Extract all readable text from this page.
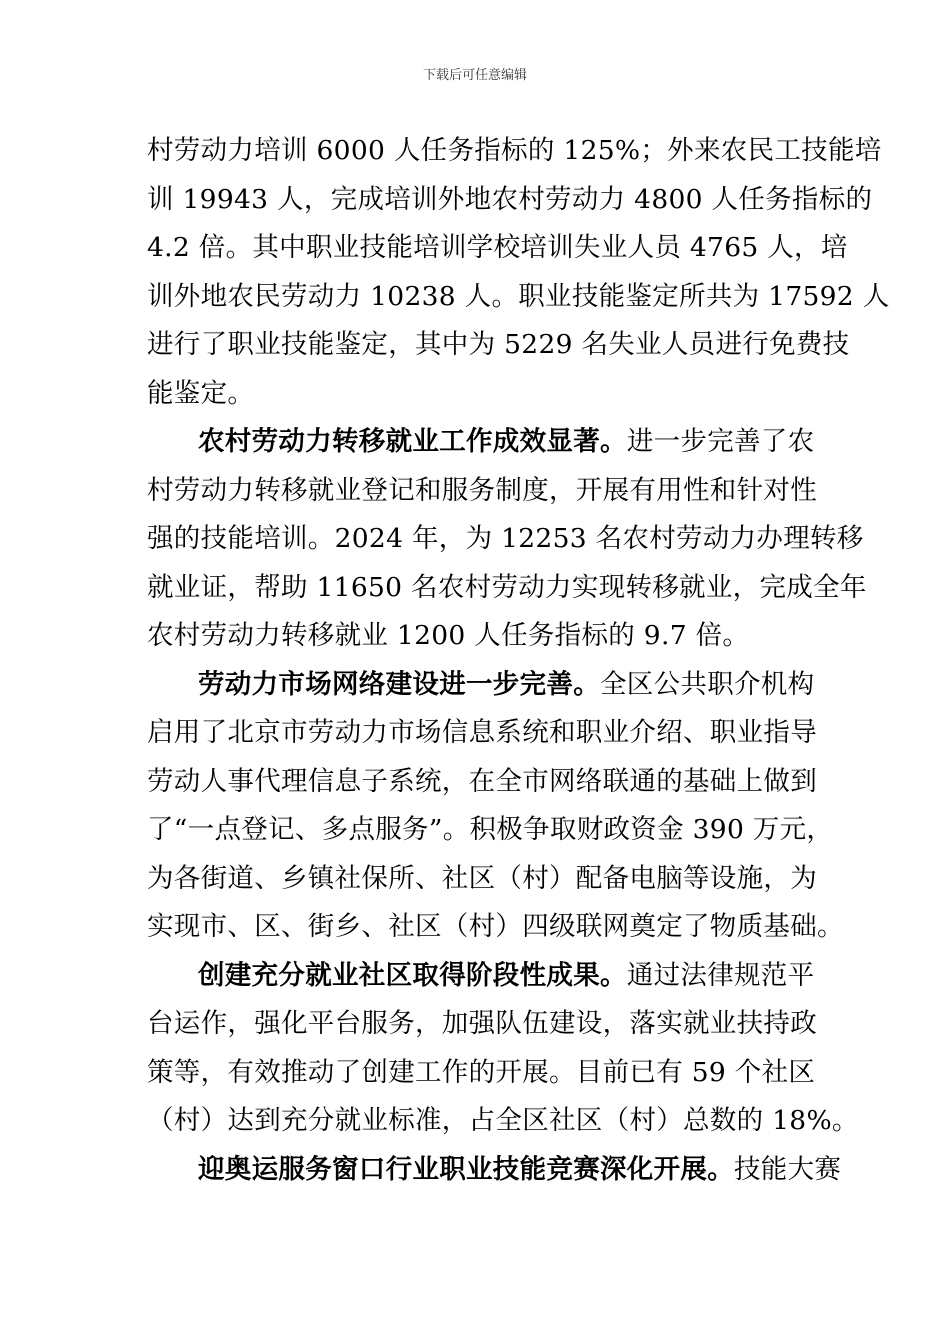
下载后可任意编辑
村劳动力培训 6000 人任务指标的 125%；外来农民工技能培
训 19943 人，完成培训外地农村劳动力 4800 人任务指标的
4.2 倍。其中职业技能培训学校培训失业人员 4765 人，培
训外地农民劳动力 10238 人。职业技能鉴定所共为 17592 人
进行了职业技能鉴定，其中为 5229 名失业人员进行免费技
能鉴定。
农村劳动力转移就业工作成效显著。进一步完善了农
村劳动力转移就业登记和服务制度，开展有用性和针对性
强的技能培训。2024 年，为 12253 名农村劳动力办理转移
就业证，帮助 11650 名农村劳动力实现转移就业，完成全年
农村劳动力转移就业 1200 人任务指标的 9.7 倍。
劳动力市场网络建设进一步完善。全区公共职介机构
启用了北京市劳动力市场信息系统和职业介绍、职业指导
劳动人事代理信息子系统，在全市网络联通的基础上做到
了“一点登记、多点服务”。积极争取财政资金 390 万元，
为各街道、乡镇社保所、社区（村）配备电脑等设施，为
实现市、区、街乡、社区（村）四级联网奠定了物质基础。
创建充分就业社区取得阶段性成果。通过法律规范平
台运作，强化平台服务，加强队伍建设，落实就业扶持政
策等，有效推动了创建工作的开展。目前已有 59 个社区
（村）达到充分就业标准，占全区社区（村）总数的 18%。
迎奥运服务窗口行业职业技能竞赛深化开展。技能大赛
